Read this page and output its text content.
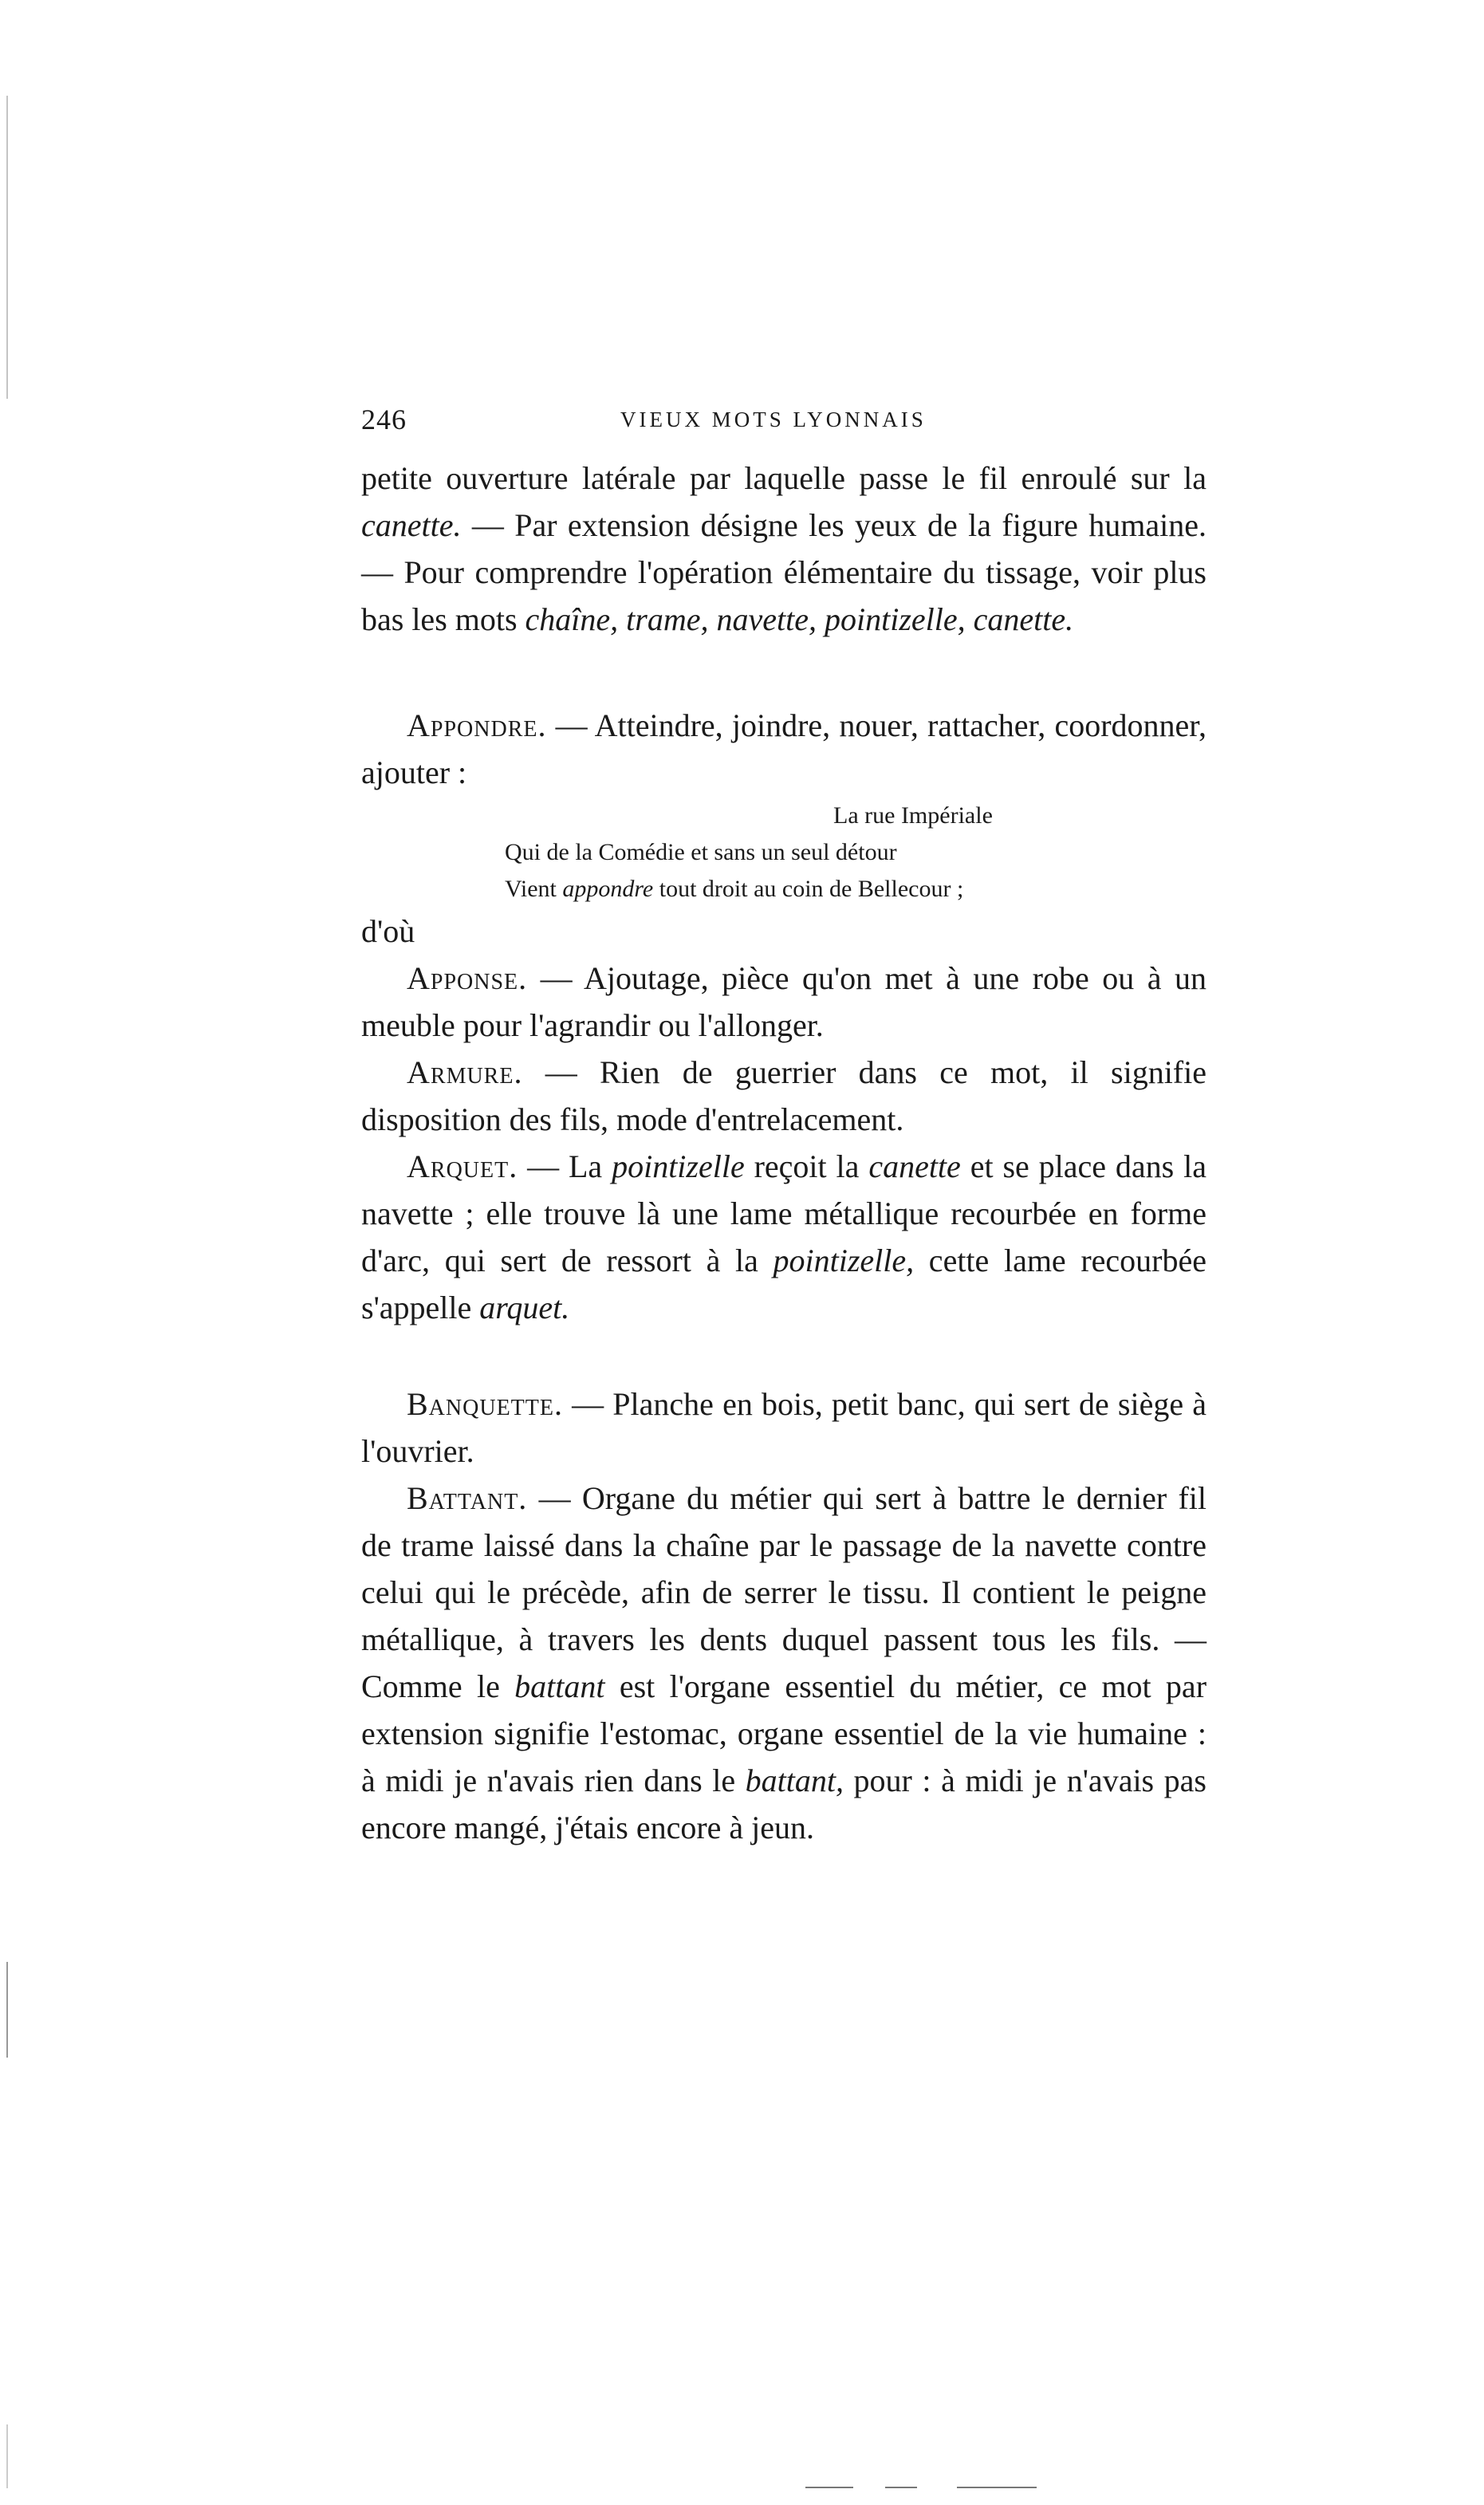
246	VIEUX MOTS LYONNAIS

petite ouverture latérale par laquelle passe le fil enroulé sur la canette. — Par extension désigne les yeux de la figure humaine. — Pour comprendre l'opération élémentaire du tissage, voir plus bas les mots chaîne, trame, navette, pointizelle, canette.

Appondre. — Atteindre, joindre, nouer, rattacher, coordonner, ajouter :

La rue Impériale
Qui de la Comédie et sans un seul détour
Vient appondre tout droit au coin de Bellecour ;

d'où

Apponse. — Ajoutage, pièce qu'on met à une robe ou à un meuble pour l'agrandir ou l'allonger.

Armure. — Rien de guerrier dans ce mot, il signifie disposition des fils, mode d'entrelacement.

Arquet. — La pointizelle reçoit la canette et se place dans la navette ; elle trouve là une lame métallique recourbée en forme d'arc, qui sert de ressort à la pointizelle, cette lame recourbée s'appelle arquet.

Banquette. — Planche en bois, petit banc, qui sert de siège à l'ouvrier.

Battant. — Organe du métier qui sert à battre le dernier fil de trame laissé dans la chaîne par le passage de la navette contre celui qui le précède, afin de serrer le tissu. Il contient le peigne métallique, à travers les dents duquel passent tous les fils. — Comme le battant est l'organe essentiel du métier, ce mot par extension signifie l'estomac, organe essentiel de la vie humaine : à midi je n'avais rien dans le battant, pour : à midi je n'avais pas encore mangé, j'étais encore à jeun.
